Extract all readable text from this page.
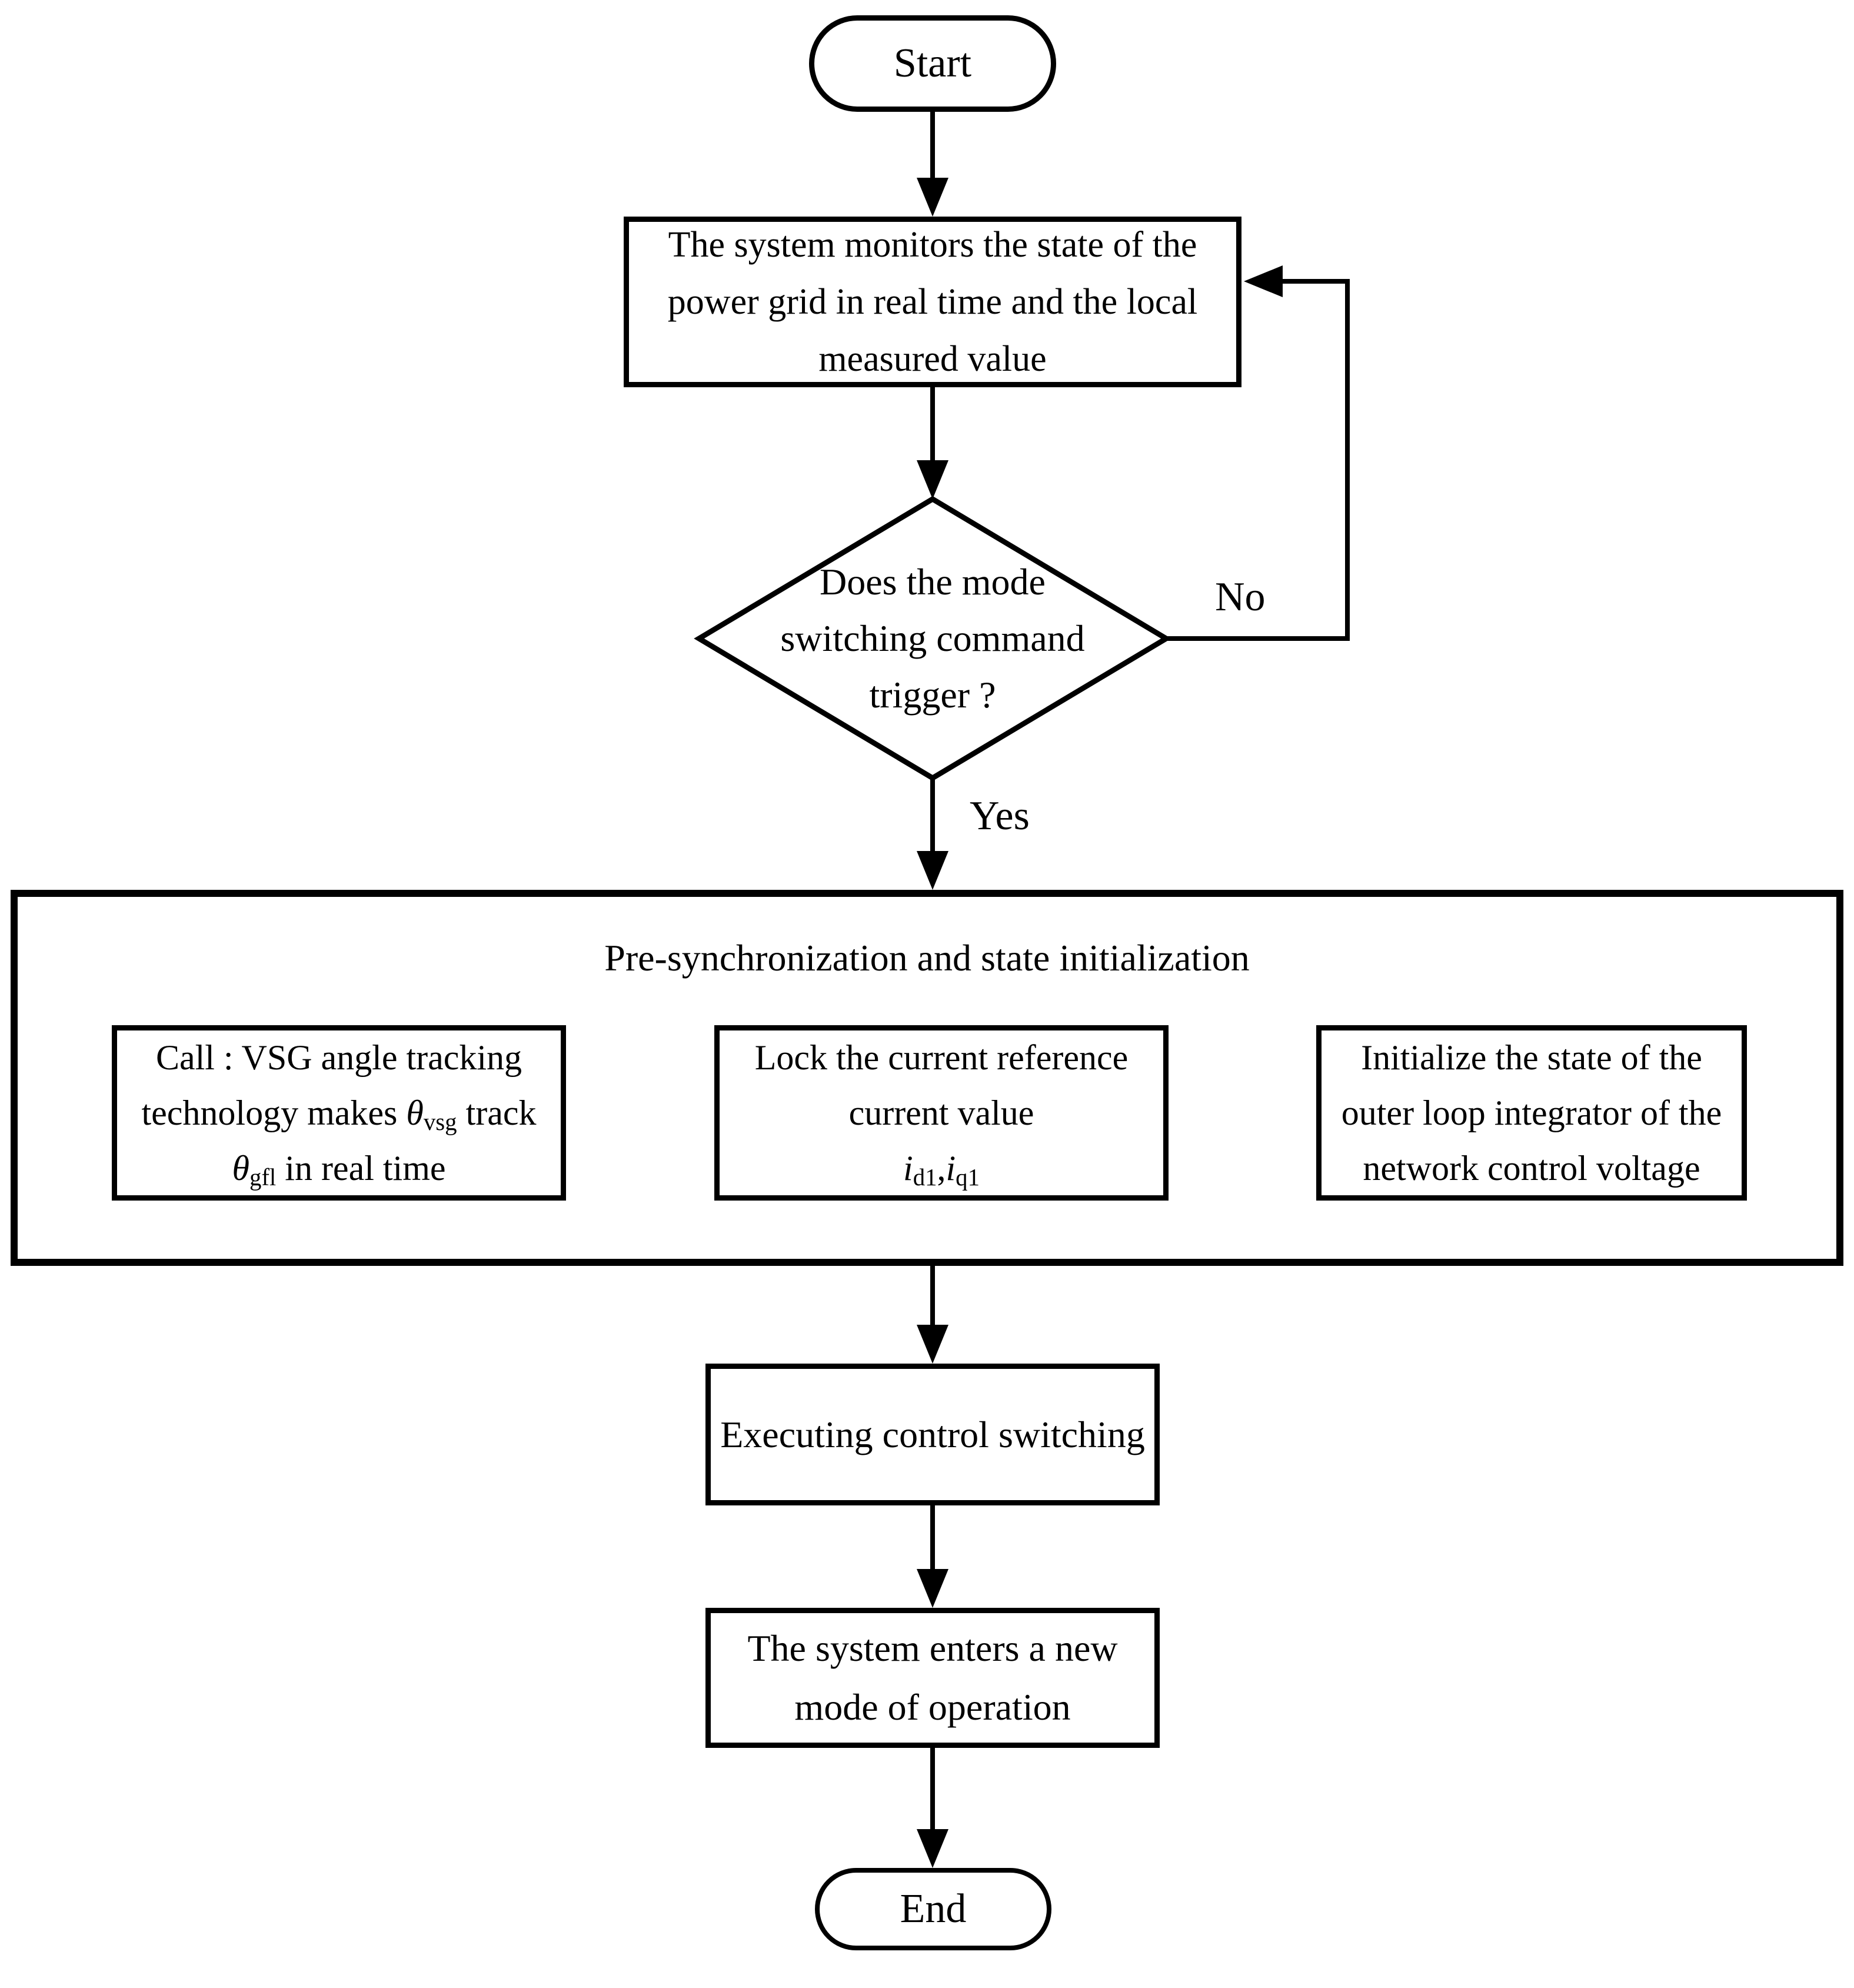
Start
The system monitors the state of the
power grid in real time and the local
measured value
Does the mode
switching command
trigger ?
No
Yes
Pre-synchronization and state initialization
Call : VSG angle tracking
technology makes $\theta_{vsg}$ track
$\theta_{gfl}$ in real time
Lock the current reference
current value
$i_{d1},i_{q1}$
Initialize the state of the
outer loop integrator of the
network control voltage
Executing control switching
The system enters a new
mode of operation
End
